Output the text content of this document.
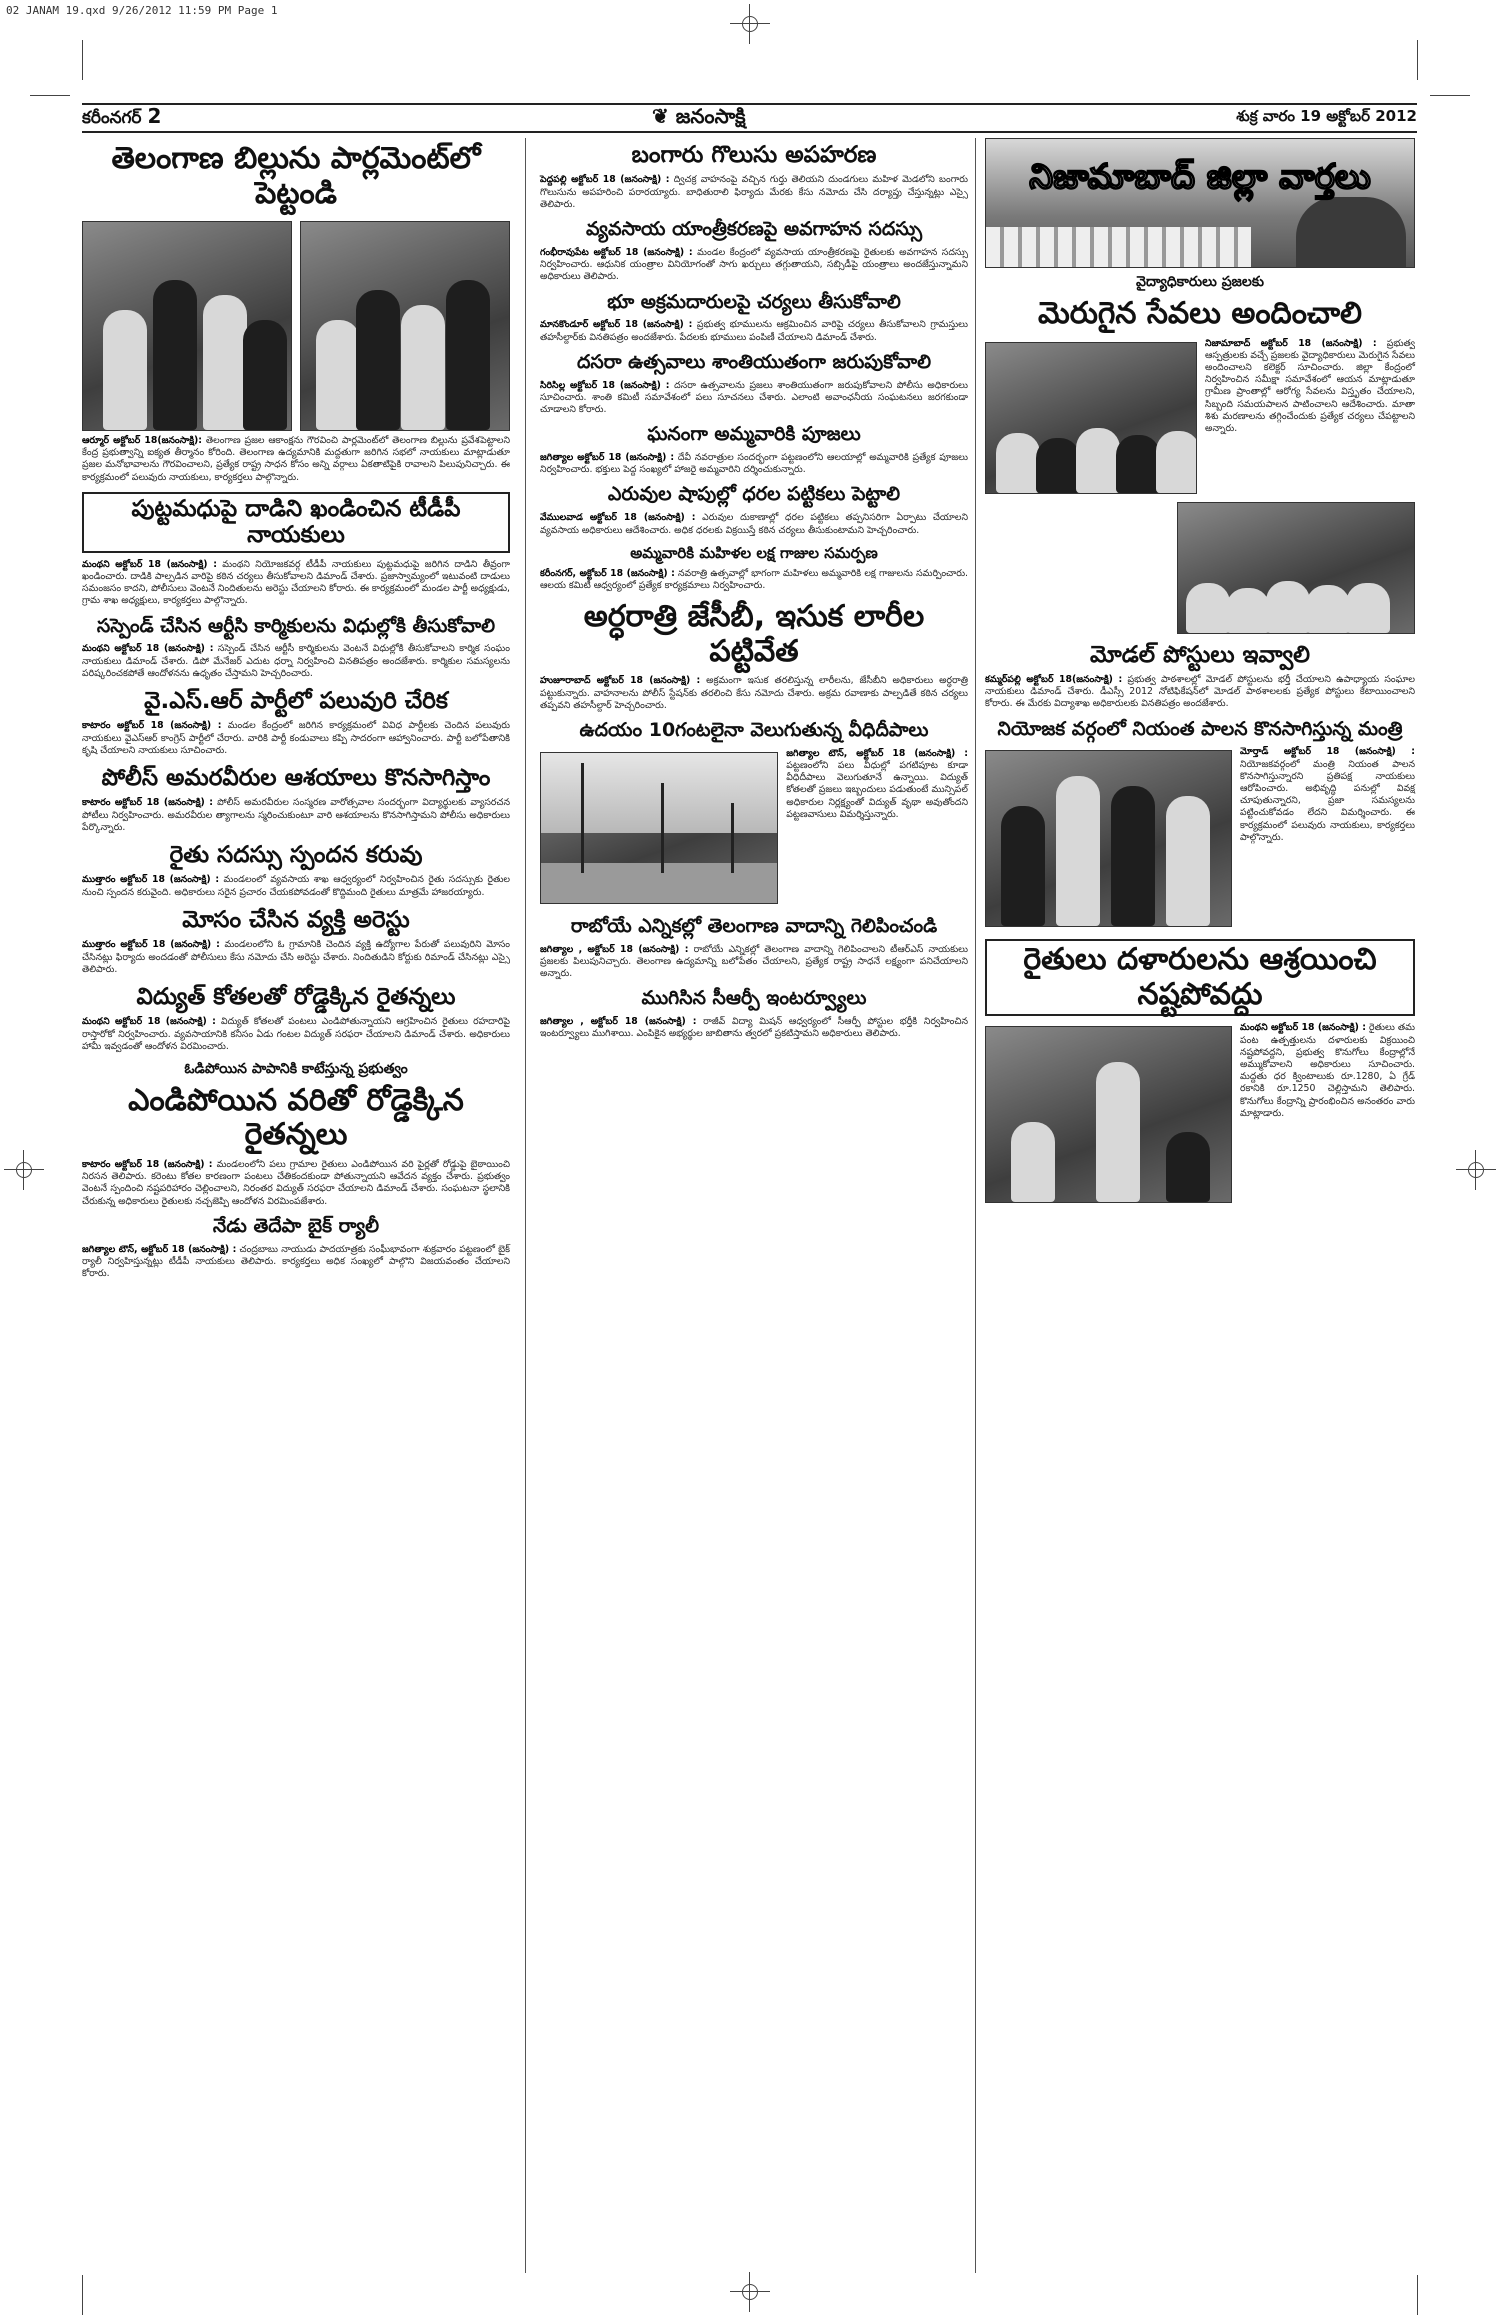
02 JANAM 19.qxd 9/26/2012 11:59 PM Page 1
కరీంనగర్ 2	❦ జనంసాక్షి	శుక్ర వారం 19 అక్టోబర్ 2012
తెలంగాణ బిల్లును పార్లమెంట్‌లో పెట్టండి
ఆర్మూర్ అక్టోబర్ 18(జనంసాక్షి): తెలంగాణ ప్రజల ఆకాంక్షను గౌరవించి పార్లమెంట్‌లో తెలంగాణ బిల్లును ప్రవేశపెట్టాలని కేంద్ర ప్రభుత్వాన్ని ఐక్యత తీర్మానం కోరింది. తెలంగాణ ఉద్యమానికి మద్దతుగా జరిగిన సభలో నాయకులు మాట్లాడుతూ ప్రజల మనోభావాలను గౌరవించాలని, ప్రత్యేక రాష్ట్ర సాధన కోసం అన్ని వర్గాలు ఏకతాటిపైకి రావాలని పిలుపునిచ్చారు. ఈ కార్యక్రమంలో పలువురు నాయకులు, కార్యకర్తలు పాల్గొన్నారు.
పుట్టమధుపై దాడిని ఖండించిన టీడీపీ నాయకులు
మంథని అక్టోబర్ 18 (జనంసాక్షి) : మంథని నియోజకవర్గ టీడీపీ నాయకులు పుట్టమధుపై జరిగిన దాడిని తీవ్రంగా ఖండించారు. దాడికి పాల్పడిన వారిపై కఠిన చర్యలు తీసుకోవాలని డిమాండ్ చేశారు. ప్రజాస్వామ్యంలో ఇటువంటి దాడులు సమంజసం కాదని, పోలీసులు వెంటనే నిందితులను అరెస్టు చేయాలని కోరారు. ఈ కార్యక్రమంలో మండల పార్టీ అధ్యక్షుడు, గ్రామ శాఖ అధ్యక్షులు, కార్యకర్తలు పాల్గొన్నారు.
సస్పెండ్ చేసిన ఆర్టీసి కార్మికులను విధుల్లోకి తీసుకోవాలి
మంథని అక్టోబర్ 18 (జనంసాక్షి) : సస్పెండ్ చేసిన ఆర్టీసీ కార్మికులను వెంటనే విధుల్లోకి తీసుకోవాలని కార్మిక సంఘం నాయకులు డిమాండ్ చేశారు. డిపో మేనేజర్ ఎదుట ధర్నా నిర్వహించి వినతిపత్రం అందజేశారు. కార్మికుల సమస్యలను పరిష్కరించకపోతే ఆందోళనను ఉధృతం చేస్తామని హెచ్చరించారు.
వై.ఎస్.ఆర్ పార్టీలో పలువురి చేరిక
కాటారం అక్టోబర్ 18 (జనంసాక్షి) : మండల కేంద్రంలో జరిగిన కార్యక్రమంలో వివిధ పార్టీలకు చెందిన పలువురు నాయకులు వైఎస్ఆర్ కాంగ్రెస్ పార్టీలో చేరారు. వారికి పార్టీ కండువాలు కప్పి సాదరంగా ఆహ్వానించారు. పార్టీ బలోపేతానికి కృషి చేయాలని నాయకులు సూచించారు.
పోలీస్ అమరవీరుల ఆశయాలు కొనసాగిస్తాం
కాటారం అక్టోబర్ 18 (జనంసాక్షి) : పోలీస్ అమరవీరుల సంస్మరణ వారోత్సవాల సందర్భంగా విద్యార్థులకు వ్యాసరచన పోటీలు నిర్వహించారు. అమరవీరుల త్యాగాలను స్మరించుకుంటూ వారి ఆశయాలను కొనసాగిస్తామని పోలీసు అధికారులు పేర్కొన్నారు.
రైతు సదస్సు స్పందన కరువు
ముత్తారం అక్టోబర్ 18 (జనంసాక్షి) : మండలంలో వ్యవసాయ శాఖ ఆధ్వర్యంలో నిర్వహించిన రైతు సదస్సుకు రైతుల నుంచి స్పందన కరువైంది. అధికారులు సరైన ప్రచారం చేయకపోవడంతో కొద్దిమంది రైతులు మాత్రమే హాజరయ్యారు.
మోసం చేసిన వ్యక్తి అరెస్టు
ముత్తారం అక్టోబర్ 18 (జనంసాక్షి) : మండలంలోని ఓ గ్రామానికి చెందిన వ్యక్తి ఉద్యోగాల పేరుతో పలువురిని మోసం చేసినట్లు ఫిర్యాదు అందడంతో పోలీసులు కేసు నమోదు చేసి అరెస్టు చేశారు. నిందితుడిని కోర్టుకు రిమాండ్ చేసినట్లు ఎస్సై తెలిపారు.
విద్యుత్ కోతలతో రోడ్డెక్కిన రైతన్నలు
మంథని అక్టోబర్ 18 (జనంసాక్షి) : విద్యుత్ కోతలతో పంటలు ఎండిపోతున్నాయని ఆగ్రహించిన రైతులు రహదారిపై రాస్తారోకో నిర్వహించారు. వ్యవసాయానికి కనీసం ఏడు గంటల విద్యుత్ సరఫరా చేయాలని డిమాండ్ చేశారు. అధికారులు హామీ ఇవ్వడంతో ఆందోళన విరమించారు.
ఓడిపోయిన పాపానికి కాటేస్తున్న ప్రభుత్వం
ఎండిపోయిన వరితో రోడ్డెక్కిన రైతన్నలు
కాటారం అక్టోబర్ 18 (జనంసాక్షి) : మండలంలోని పలు గ్రామాల రైతులు ఎండిపోయిన వరి పైర్లతో రోడ్డుపై బైఠాయించి నిరసన తెలిపారు. కరెంటు కోతల కారణంగా పంటలు చేతికందకుండా పోతున్నాయని ఆవేదన వ్యక్తం చేశారు. ప్రభుత్వం వెంటనే స్పందించి నష్టపరిహారం చెల్లించాలని, నిరంతర విద్యుత్ సరఫరా చేయాలని డిమాండ్ చేశారు. సంఘటనా స్థలానికి చేరుకున్న అధికారులు రైతులకు నచ్చజెప్పి ఆందోళన విరమింపజేశారు.
నేడు తెదేపా బైక్ ర్యాలీ
జగిత్యాల టౌన్, అక్టోబర్ 18 (జనంసాక్షి) : చంద్రబాబు నాయుడు పాదయాత్రకు సంఘీభావంగా శుక్రవారం పట్టణంలో బైక్ ర్యాలీ నిర్వహిస్తున్నట్లు టీడీపీ నాయకులు తెలిపారు. కార్యకర్తలు అధిక సంఖ్యలో పాల్గొని విజయవంతం చేయాలని కోరారు.
బంగారు గొలుసు అపహరణ
పెద్దపల్లి అక్టోబర్ 18 (జనంసాక్షి) : ద్విచక్ర వాహనంపై వచ్చిన గుర్తు తెలియని దుండగులు మహిళ మెడలోని బంగారు గొలుసును అపహరించి పరారయ్యారు. బాధితురాలి ఫిర్యాదు మేరకు కేసు నమోదు చేసి దర్యాప్తు చేస్తున్నట్లు ఎస్సై తెలిపారు.
వ్యవసాయ యాంత్రీకరణపై అవగాహన సదస్సు
గంభీరావుపేట అక్టోబర్ 18 (జనంసాక్షి) : మండల కేంద్రంలో వ్యవసాయ యాంత్రీకరణపై రైతులకు అవగాహన సదస్సు నిర్వహించారు. ఆధునిక యంత్రాల వినియోగంతో సాగు ఖర్చులు తగ్గుతాయని, సబ్సిడీపై యంత్రాలు అందజేస్తున్నామని అధికారులు తెలిపారు.
భూ అక్రమదారులపై చర్యలు తీసుకోవాలి
మానకొండూర్ అక్టోబర్ 18 (జనంసాక్షి) : ప్రభుత్వ భూములను ఆక్రమించిన వారిపై చర్యలు తీసుకోవాలని గ్రామస్తులు తహసీల్దార్‌కు వినతిపత్రం అందజేశారు. పేదలకు భూములు పంపిణీ చేయాలని డిమాండ్ చేశారు.
దసరా ఉత్సవాలు శాంతియుతంగా జరుపుకోవాలి
సిరిసిల్ల అక్టోబర్ 18 (జనంసాక్షి) : దసరా ఉత్సవాలను ప్రజలు శాంతియుతంగా జరుపుకోవాలని పోలీసు అధికారులు సూచించారు. శాంతి కమిటీ సమావేశంలో పలు సూచనలు చేశారు. ఎలాంటి అవాంఛనీయ సంఘటనలు జరగకుండా చూడాలని కోరారు.
ఘనంగా అమ్మవారికి పూజలు
జగిత్యాల అక్టోబర్ 18 (జనంసాక్షి) : దేవీ నవరాత్రుల సందర్భంగా పట్టణంలోని ఆలయాల్లో అమ్మవారికి ప్రత్యేక పూజలు నిర్వహించారు. భక్తులు పెద్ద సంఖ్యలో హాజరై అమ్మవారిని దర్శించుకున్నారు.
ఎరువుల షాపుల్లో ధరల పట్టికలు పెట్టాలి
వేములవాడ అక్టోబర్ 18 (జనంసాక్షి) : ఎరువుల దుకాణాల్లో ధరల పట్టికలు తప్పనిసరిగా ఏర్పాటు చేయాలని వ్యవసాయ అధికారులు ఆదేశించారు. అధిక ధరలకు విక్రయిస్తే కఠిన చర్యలు తీసుకుంటామని హెచ్చరించారు.
అమ్మవారికి మహిళల లక్ష గాజుల సమర్పణ
కరీంనగర్, అక్టోబర్ 18 (జనంసాక్షి) : నవరాత్రి ఉత్సవాల్లో భాగంగా మహిళలు అమ్మవారికి లక్ష గాజులను సమర్పించారు. ఆలయ కమిటీ ఆధ్వర్యంలో ప్రత్యేక కార్యక్రమాలు నిర్వహించారు.
అర్ధరాత్రి జేసీబీ, ఇసుక లారీల పట్టివేత
హుజూరాబాద్ అక్టోబర్ 18 (జనంసాక్షి) : అక్రమంగా ఇసుక తరలిస్తున్న లారీలను, జేసీబీని అధికారులు అర్ధరాత్రి పట్టుకున్నారు. వాహనాలను పోలీస్ స్టేషన్‌కు తరలించి కేసు నమోదు చేశారు. అక్రమ రవాణాకు పాల్పడితే కఠిన చర్యలు తప్పవని తహసీల్దార్ హెచ్చరించారు.
ఉదయం 10గంటలైనా వెలుగుతున్న వీధిదీపాలు
జగిత్యాల టౌన్, అక్టోబర్ 18 (జనంసాక్షి) : పట్టణంలోని పలు వీధుల్లో పగటిపూట కూడా వీధిదీపాలు వెలుగుతూనే ఉన్నాయి. విద్యుత్ కోతలతో ప్రజలు ఇబ్బందులు పడుతుంటే మున్సిపల్ అధికారుల నిర్లక్ష్యంతో విద్యుత్ వృథా అవుతోందని పట్టణవాసులు విమర్శిస్తున్నారు.
రాబోయే ఎన్నికల్లో తెలంగాణ వాదాన్ని గెలిపించండి
జగిత్యాల , అక్టోబర్ 18 (జనంసాక్షి) : రాబోయే ఎన్నికల్లో తెలంగాణ వాదాన్ని గెలిపించాలని టీఆర్ఎస్ నాయకులు ప్రజలకు పిలుపునిచ్చారు. తెలంగాణ ఉద్యమాన్ని బలోపేతం చేయాలని, ప్రత్యేక రాష్ట్ర సాధనే లక్ష్యంగా పనిచేయాలని అన్నారు.
ముగిసిన సీఆర్పీ ఇంటర్వ్యూలు
జగిత్యాల , అక్టోబర్ 18 (జనంసాక్షి) : రాజీవ్ విద్యా మిషన్ ఆధ్వర్యంలో సీఆర్పీ పోస్టుల భర్తీకి నిర్వహించిన ఇంటర్వ్యూలు ముగిశాయి. ఎంపికైన అభ్యర్థుల జాబితాను త్వరలో ప్రకటిస్తామని అధికారులు తెలిపారు.
నిజామాబాద్ జిల్లా వార్తలు
వైద్యాధికారులు ప్రజలకు
మెరుగైన సేవలు అందించాలి
నిజామాబాద్ అక్టోబర్ 18 (జనంసాక్షి) : ప్రభుత్వ ఆస్పత్రులకు వచ్చే ప్రజలకు వైద్యాధికారులు మెరుగైన సేవలు అందించాలని కలెక్టర్ సూచించారు. జిల్లా కేంద్రంలో నిర్వహించిన సమీక్షా సమావేశంలో ఆయన మాట్లాడుతూ గ్రామీణ ప్రాంతాల్లో ఆరోగ్య సేవలను విస్తృతం చేయాలని, సిబ్బంది సమయపాలన పాటించాలని ఆదేశించారు. మాతా శిశు మరణాలను తగ్గించేందుకు ప్రత్యేక చర్యలు చేపట్టాలని అన్నారు.
మోడల్ పోస్టులు ఇవ్వాలి
కమ్మర్‌పల్లి అక్టోబర్ 18(జనంసాక్షి) : ప్రభుత్వ పాఠశాలల్లో మోడల్ పోస్టులను భర్తీ చేయాలని ఉపాధ్యాయ సంఘాల నాయకులు డిమాండ్ చేశారు. డీఎస్సీ 2012 నోటిఫికేషన్‌లో మోడల్ పాఠశాలలకు ప్రత్యేక పోస్టులు కేటాయించాలని కోరారు. ఈ మేరకు విద్యాశాఖ అధికారులకు వినతిపత్రం అందజేశారు.
నియోజక వర్గంలో నియంత పాలన కొనసాగిస్తున్న మంత్రి
మోర్తాడ్ అక్టోబర్ 18 (జనంసాక్షి) : నియోజకవర్గంలో మంత్రి నియంత పాలన కొనసాగిస్తున్నారని ప్రతిపక్ష నాయకులు ఆరోపించారు. అభివృద్ధి పనుల్లో వివక్ష చూపుతున్నారని, ప్రజా సమస్యలను పట్టించుకోవడం లేదని విమర్శించారు. ఈ కార్యక్రమంలో పలువురు నాయకులు, కార్యకర్తలు పాల్గొన్నారు.
రైతులు దళారులను ఆశ్రయించి నష్టపోవద్దు
మంథని అక్టోబర్ 18 (జనంసాక్షి) : రైతులు తమ పంట ఉత్పత్తులను దళారులకు విక్రయించి నష్టపోవద్దని, ప్రభుత్వ కొనుగోలు కేంద్రాల్లోనే అమ్ముకోవాలని అధికారులు సూచించారు. మద్దతు ధర క్వింటాలుకు రూ.1280, ఏ గ్రేడ్ రకానికి రూ.1250 చెల్లిస్తామని తెలిపారు. కొనుగోలు కేంద్రాన్ని ప్రారంభించిన అనంతరం వారు మాట్లాడారు.
